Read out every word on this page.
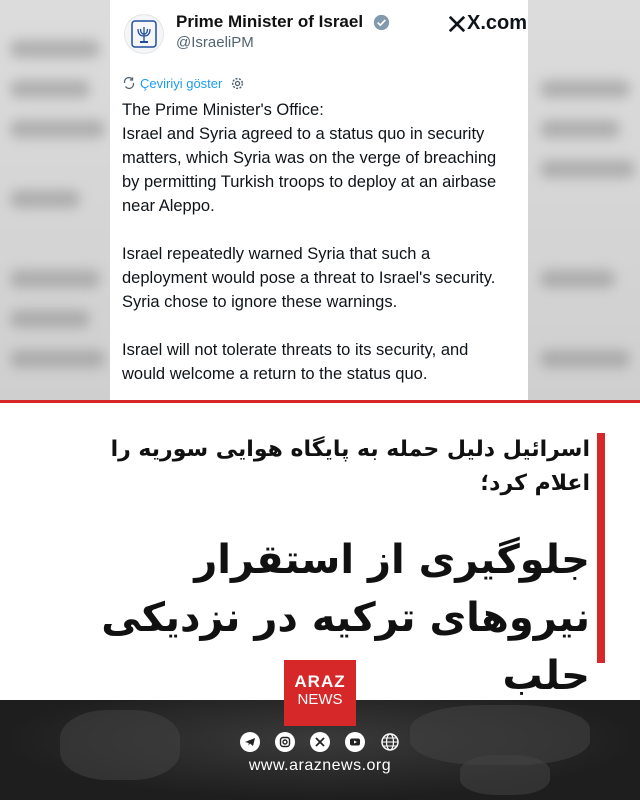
Prime Minister of Israel
@IsraeliPM
X.com
Çeviriyi göster

The Prime Minister's Office:
Israel and Syria agreed to a status quo in security matters, which Syria was on the verge of breaching by permitting Turkish troops to deploy at an airbase near Aleppo.

Israel repeatedly warned Syria that such a deployment would pose a threat to Israel's security. Syria chose to ignore these warnings.

Israel will not tolerate threats to its security, and would welcome a return to the status quo.

اسرائیل دلیل حمله به پایگاه هوایی سوریه را اعلام کرد؛
جلوگیری از استقرار نیروهای ترکیه در نزدیکی حلب
ARAZ
NEWS
www.araznews.org
